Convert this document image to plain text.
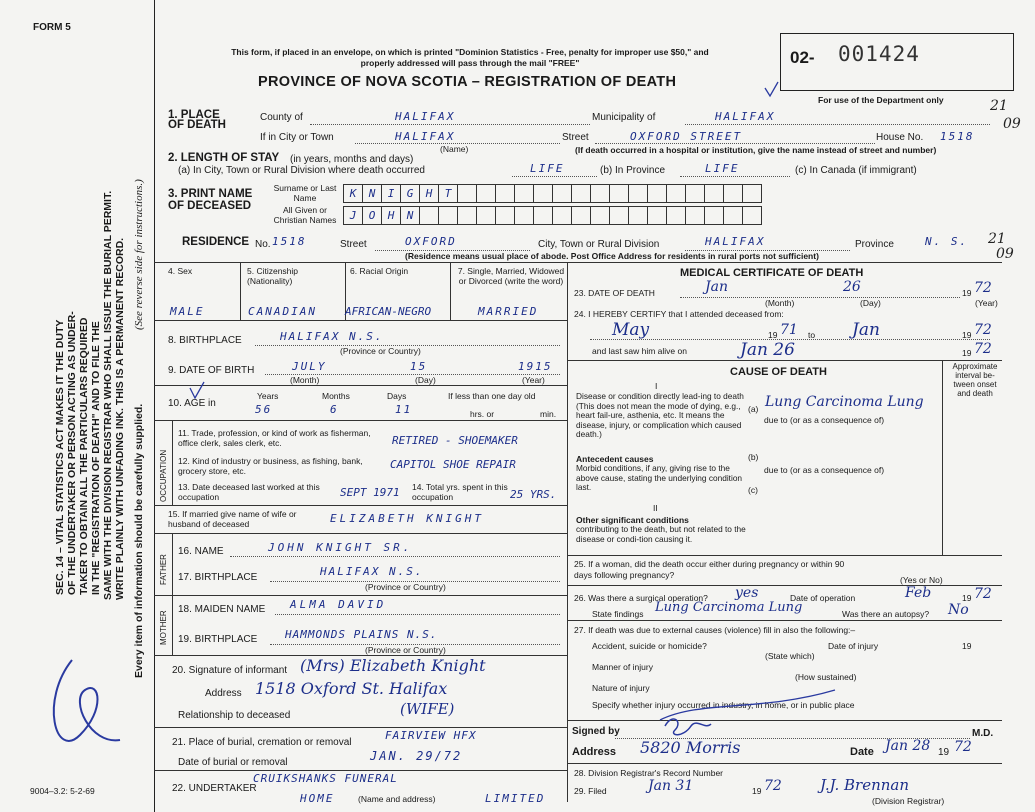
FORM 5
This form, if placed in an envelope, on which is printed "Dominion Statistics - Free, penalty for improper use $50," and properly addressed will pass through the mail "FREE"
PROVINCE OF NOVA SCOTIA – REGISTRATION OF DEATH
02- 001424
For use of the Department only	21
09
21
09
SEC. 14 – VITAL STATISTICS ACT MAKES IT THE DUTY OF THE UNDERTAKER OR PERSON ACTING AS UNDER- TAKER TO OBTAIN ALL THE PARTICULARS REQUIRED IN THE "REGISTRATION OF DEATH" AND TO FILE THE SAME WITH THE DIVISION REGISTRAR WHO SHALL ISSUE THE BURIAL PERMIT. WRITE PLAINLY WITH UNFADING INK. THIS IS A PERMANENT RECORD. (See reverse side for instructions.)
Every item of information should be carefully supplied.
9004–3.2: 5-2-69
1. PLACE OF DEATH
County of	HALIFAX	Municipality of	HALIFAX
If in City or Town	HALIFAX
(Name)
Street	OXFORD STREET	House No. 1518
(If death occurred in a hospital or institution, give the name instead of street and number)
2. LENGTH OF STAY (in years, months and days)
(a) In City, Town or Rural Division where death occurred	LIFE	(b) In Province	LIFE	(c) In Canada (if immigrant)
3. PRINT NAME OF DECEASED
Surname or Last Name
All Given or Christian Names
K	N	I	G	H	T
J	O	H	N
RESIDENCE No. 1518	Street	OXFORD	City, Town or Rural Division	HALIFAX	Province	N. S.
(Residence means usual place of abode. Post Office Address for residents in rural ports not sufficient)
4. Sex
MALE
5. Citizenship (Nationality)
CANADIAN
6. Racial Origin
AFRICAN-NEGRO
7. Single, Married, Widowed or Divorced (write the word)
MARRIED
8. BIRTHPLACE	HALIFAX N.S.
(Province or Country)
9. DATE OF BIRTH	JULY	15	1915
(Month)	(Day)	(Year)
10. AGE in
Years
56
Months
6
Days
11
If less than one day old
hrs. or	min.
OCCUPATION
11. Trade, profession, or kind of work as fisherman, office clerk, sales clerk, etc.	RETIRED - SHOEMAKER
12. Kind of industry or business, as fishing, bank, grocery store, etc.	CAPITOL SHOE REPAIR
13. Date deceased last worked at this occupation	SEPT 1971 14. Total yrs. spent in this occupation	25 YRS.
15. If married give name of wife or husband of deceased	ELIZABETH KNIGHT
FATHER
16. NAME	JOHN KNIGHT SR.
17. BIRTHPLACE	HALIFAX N.S.
(Province or Country)
MOTHER
18. MAIDEN NAME ALMA DAVID
19. BIRTHPLACE	HAMMONDS PLAINS N.S.
(Province or Country)
20. Signature of informant (Mrs) Elizabeth Knight
Address 1518 Oxford St. Halifax
Relationship to deceased	(WIFE)
21. Place of burial, cremation or removal
FAIRVIEW HFX
Date of burial or removal	JAN. 29/72
22. UNDERTAKER
CRUIKSHANKS FUNERAL
HOME	(Name and address)	LIMITED
MEDICAL CERTIFICATE OF DEATH
23. DATE OF DEATH	Jan	26	19 72
(Month)	(Day)	(Year)
24. I HEREBY CERTIFY that I attended deceased from:
May	19 71 to Jan	19 72
and last saw him alive on	Jan 26	19 72
CAUSE OF DEATH	Approximate interval be-tween onset and death
I
Disease or condition directly lead-ing to death (This does not mean the mode of dying, e.g., heart fail-ure, asthenia, etc. It means the disease, injury, or complication which caused death.)
(a) Lung Carcinoma Lung
due to (or as a consequence of)
Antecedent causes
Morbid conditions, if any, giving rise to the above cause, stating the underlying condition last.
(b)
due to (or as a consequence of)
(c)
II
Other significant conditions
contributing to the death, but not related to the disease or condi-tion causing it.
25. If a woman, did the death occur either during pregnancy or within 90 days following pregnancy?	(Yes or No)
26. Was there a surgical operation? yes	Date of operation	Feb	19 72
State findings Lung Carcinoma Lung	Was there an autopsy? No
27. If death was due to external causes (violence) fill in also the following:–
Accident, suicide or homicide?
(State which)
Date of injury	19
Manner of injury
(How sustained)
Nature of injury
Specify whether injury occurred in industry, in home, or in public place
Signed by	M.D.
Address 5820 Morris	Date Jan 28 19 72
28. Division Registrar's Record Number
29. Filed	Jan 31	19 72	J.J. Brennan
(Division Registrar)
